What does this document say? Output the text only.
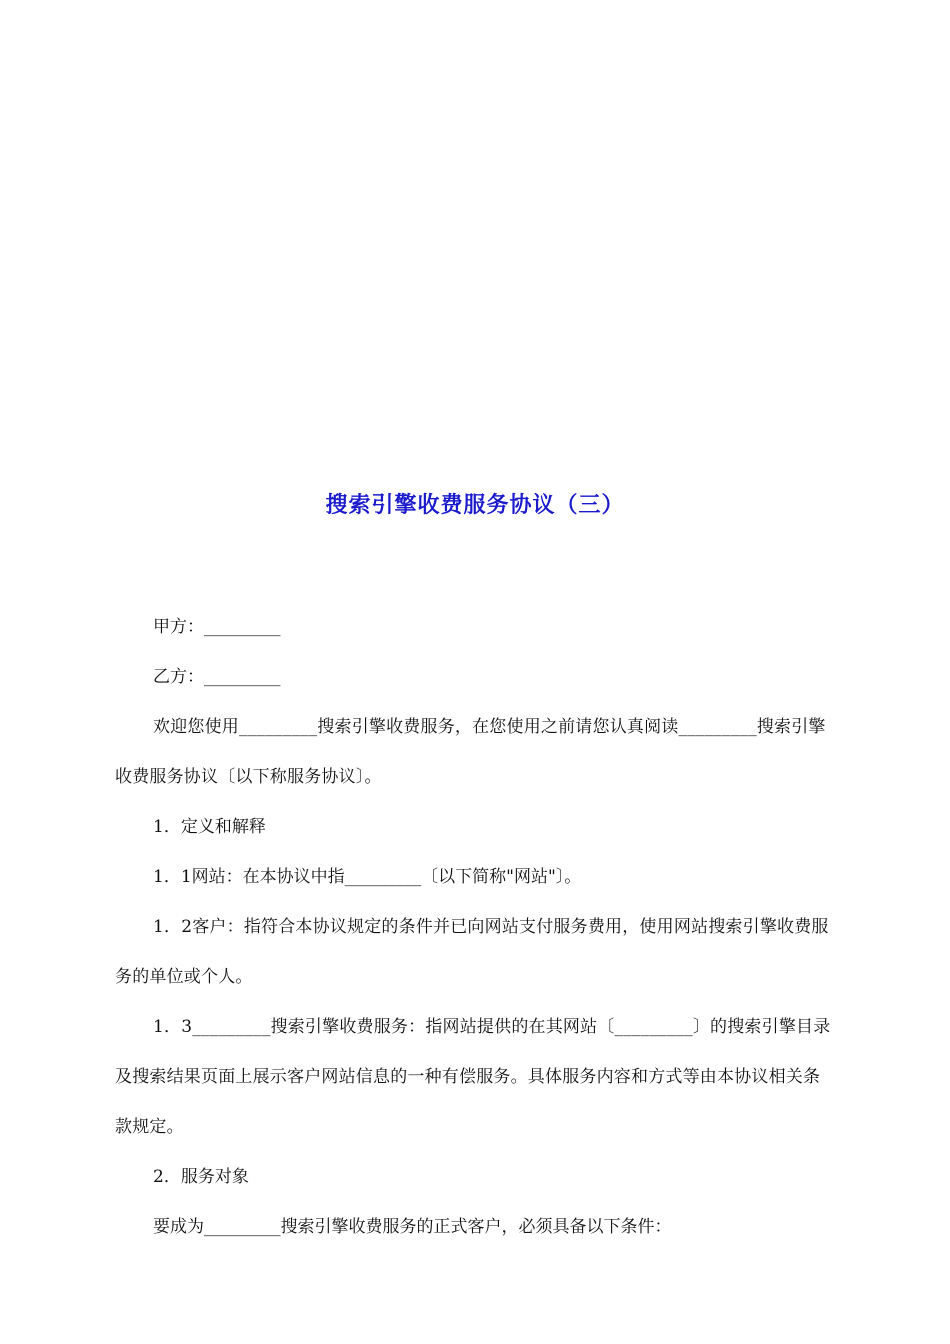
搜索引擎收费服务协议（三）

甲方：_________

乙方：_________

欢迎您使用_________搜索引擎收费服务，在您使用之前请您认真阅读_________搜索引擎收费服务协议〔以下称服务协议〕。

1．定义和解释

1．1网站：在本协议中指_________〔以下简称"网站"〕。

1．2客户：指符合本协议规定的条件并已向网站支付服务费用，使用网站搜索引擎收费服务的单位或个人。

1．3_________搜索引擎收费服务：指网站提供的在其网站〔_________〕的搜索引擎目录及搜索结果页面上展示客户网站信息的一种有偿服务。具体服务内容和方式等由本协议相关条款规定。

2．服务对象

要成为_________搜索引擎收费服务的正式客户，必须具备以下条件：
